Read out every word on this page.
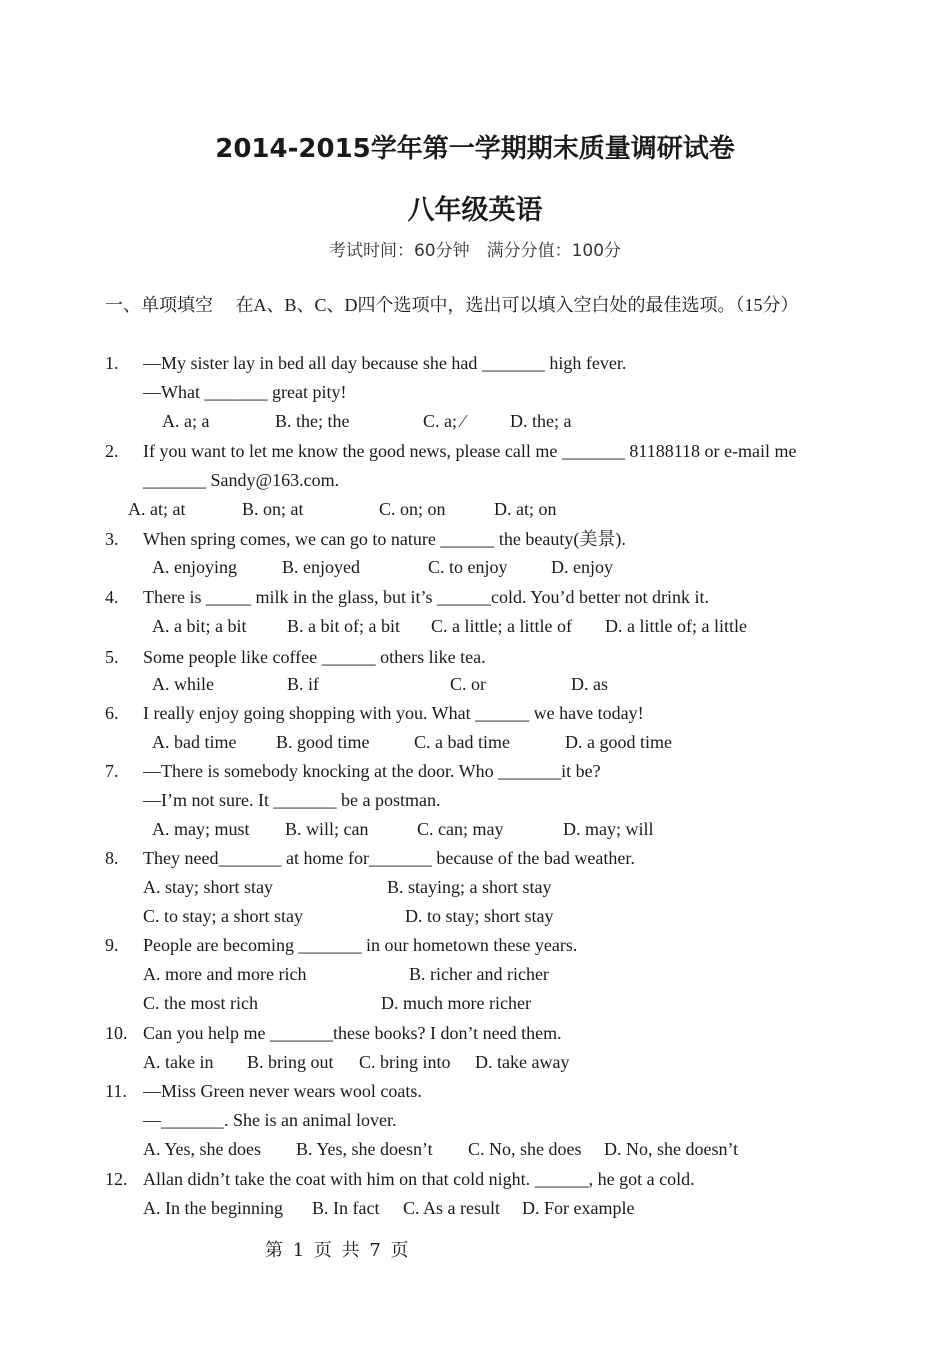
2014-2015学年第一学期期末质量调研试卷
八年级英语
考试时间：60分钟　满分分值：100分
一、单项填空　 在A、B、C、D四个选项中，选出可以填入空白处的最佳选项。（15分）
1. —My sister lay in bed all day because she had _______ high fever.
—What _______ great pity!
A. a; a	B. the; the	C. a; ⁄	D. the; a
2. If you want to let me know the good news, please call me _______ 81188118 or e-mail me
_______ Sandy@163.com.
A. at; at	B. on; at	C. on; on	D. at; on
3. When spring comes, we can go to nature ______ the beauty(美景).
A. enjoying	B. enjoyed	C. to enjoy D. enjoy
4. There is _____ milk in the glass, but it’s ______cold. You’d better not drink it.
A. a bit; a bit B. a bit of; a bit C. a little; a little of D. a little of; a little
5. Some people like coffee ______ others like tea.
A. while	B. if	C. or	D. as
6. I really enjoy going shopping with you. What ______ we have today!
A. bad time B. good time C. a bad time	D. a good time
7. —There is somebody knocking at the door. Who _______it be?
—I’m not sure. It _______ be a postman.
A. may; must B. will; can	C. can; may	D. may; will
8. They need_______ at home for_______ because of the bad weather.
A. stay; short stay	B. staying; a short stay
C. to stay; a short stay	D. to stay; short stay
9. People are becoming _______ in our hometown these years.
A. more and more rich	B. richer and richer
C. the most rich	D. much more richer
10. Can you help me _______these books? I don’t need them.
A. take in B. bring out C. bring into D. take away
11. —Miss Green never wears wool coats.
—_______. She is an animal lover.
A. Yes, she does B. Yes, she doesn’t C. No, she does D. No, she doesn’t
12. Allan didn’t take the coat with him on that cold night. ______, he got a cold.
A. In the beginning B. In fact C. As a result D. For example
第 1 页 共 7 页
